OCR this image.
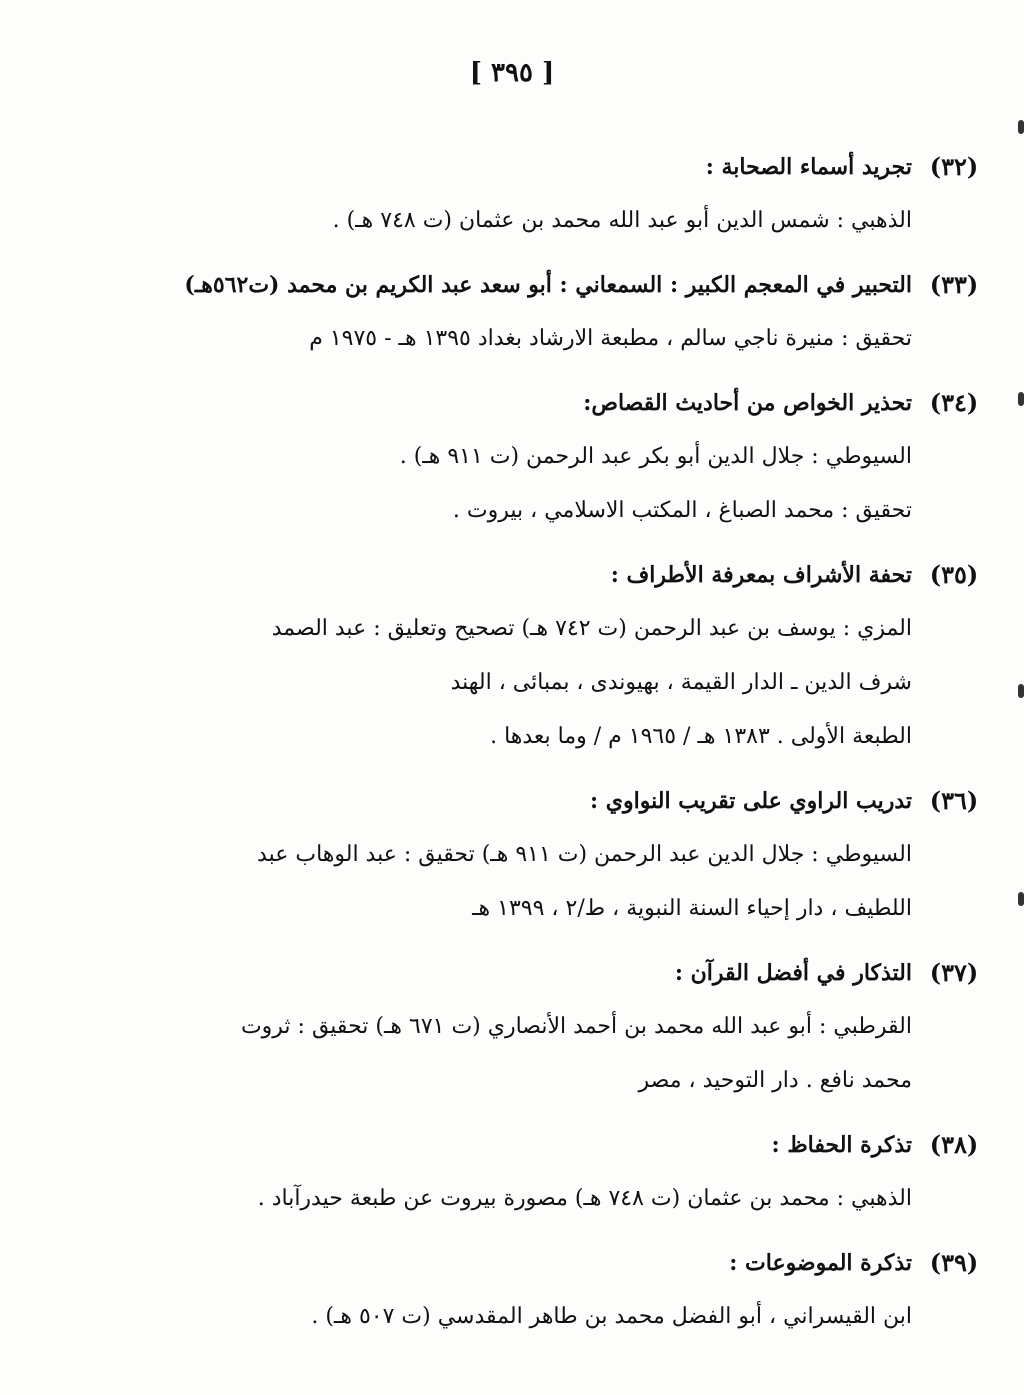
[ ٣٩٥ ]
(٣٢)
تجريد أسماء الصحابة :
الذهبي : شمس الدين أبو عبد الله محمد بن عثمان (ت ٧٤٨ هـ) .
(٣٣)
التحبير في المعجم الكبير : السمعاني : أبو سعد عبد الكريم بن محمد (ت٥٦٢هـ)
تحقيق : منيرة ناجي سالم ، مطبعة الارشاد بغداد ١٣٩٥ هـ - ١٩٧٥ م
(٣٤)
تحذير الخواص من أحاديث القصاص:
السيوطي : جلال الدين أبو بكر عبد الرحمن (ت ٩١١ هـ) .
تحقيق : محمد الصباغ ، المكتب الاسلامي ، بيروت .
(٣٥)
تحفة الأشراف بمعرفة الأطراف :
المزي : يوسف بن عبد الرحمن (ت ٧٤٢ هـ) تصحيح وتعليق : عبد الصمد
شرف الدين ـ الدار القيمة ، بهيوندى ، بمبائى ، الهند
الطبعة الأولى . ١٣٨٣ هـ / ١٩٦٥ م / وما بعدها .
(٣٦)
تدريب الراوي على تقريب النواوي :
السيوطي : جلال الدين عبد الرحمن (ت ٩١١ هـ) تحقيق : عبد الوهاب عبد
اللطيف ، دار إحياء السنة النبوية ، ط/٢ ، ١٣٩٩ هـ
(٣٧)
التذكار في أفضل القرآن :
القرطبي : أبو عبد الله محمد بن أحمد الأنصاري (ت ٦٧١ هـ) تحقيق : ثروت
محمد نافع . دار التوحيد ، مصر
(٣٨)
تذكرة الحفاظ :
الذهبي : محمد بن عثمان (ت ٧٤٨ هـ) مصورة بيروت عن طبعة حيدرآباد .
(٣٩)
تذكرة الموضوعات :
ابن القيسراني ، أبو الفضل محمد بن طاهر المقدسي (ت ٥٠٧ هـ) .
